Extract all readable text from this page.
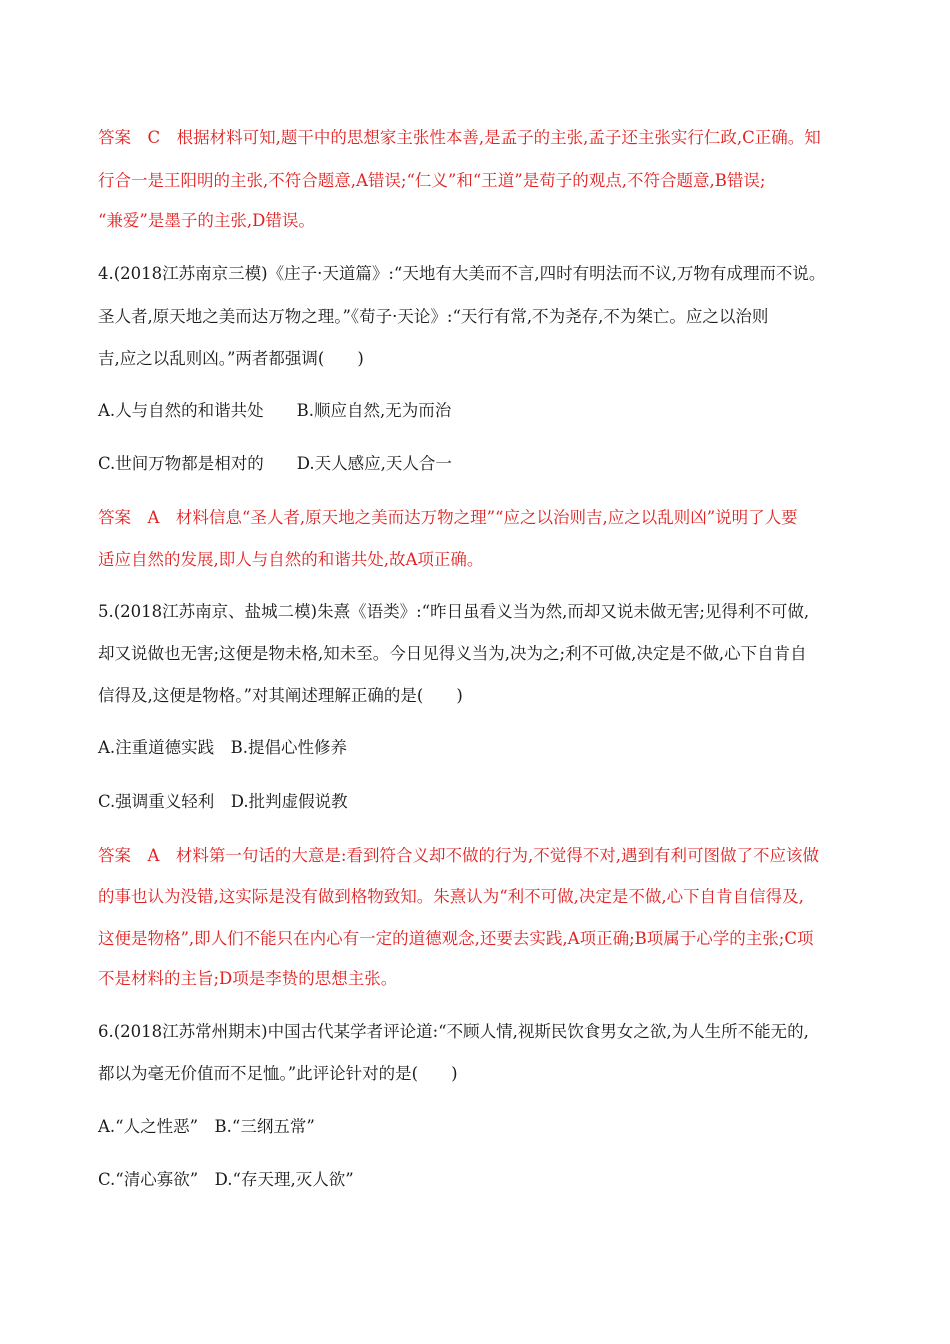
答案　C　根据材料可知,题干中的思想家主张性本善,是孟子的主张,孟子还主张实行仁政,C正确。知
行合一是王阳明的主张,不符合题意,A错误;“仁义”和“王道”是荀子的观点,不符合题意,B错误;
“兼爱”是墨子的主张,D错误。
4.(2018江苏南京三模)《庄子·天道篇》:“天地有大美而不言,四时有明法而不议,万物有成理而不说。
圣人者,原天地之美而达万物之理。”《荀子·天论》:“天行有常,不为尧存,不为桀亡。应之以治则
吉,应之以乱则凶。”两者都强调(　　)
A.人与自然的和谐共处　　B.顺应自然,无为而治
C.世间万物都是相对的　　D.天人感应,天人合一
答案　A　材料信息“圣人者,原天地之美而达万物之理”“应之以治则吉,应之以乱则凶”说明了人要
适应自然的发展,即人与自然的和谐共处,故A项正确。
5.(2018江苏南京、盐城二模)朱熹《语类》:“昨日虽看义当为然,而却又说未做无害;见得利不可做,
却又说做也无害;这便是物未格,知未至。今日见得义当为,决为之;利不可做,决定是不做,心下自肯自
信得及,这便是物格。”对其阐述理解正确的是(　　)
A.注重道德实践　B.提倡心性修养
C.强调重义轻利　D.批判虚假说教
答案　A　材料第一句话的大意是:看到符合义却不做的行为,不觉得不对,遇到有利可图做了不应该做
的事也认为没错,这实际是没有做到格物致知。朱熹认为“利不可做,决定是不做,心下自肯自信得及,
这便是物格”,即人们不能只在内心有一定的道德观念,还要去实践,A项正确;B项属于心学的主张;C项
不是材料的主旨;D项是李贽的思想主张。
6.(2018江苏常州期末)中国古代某学者评论道:“不顾人情,视斯民饮食男女之欲,为人生所不能无的,
都以为毫无价值而不足恤。”此评论针对的是(　　)
A.“人之性恶”　B.“三纲五常”
C.“清心寡欲”　D.“存天理,灭人欲”
